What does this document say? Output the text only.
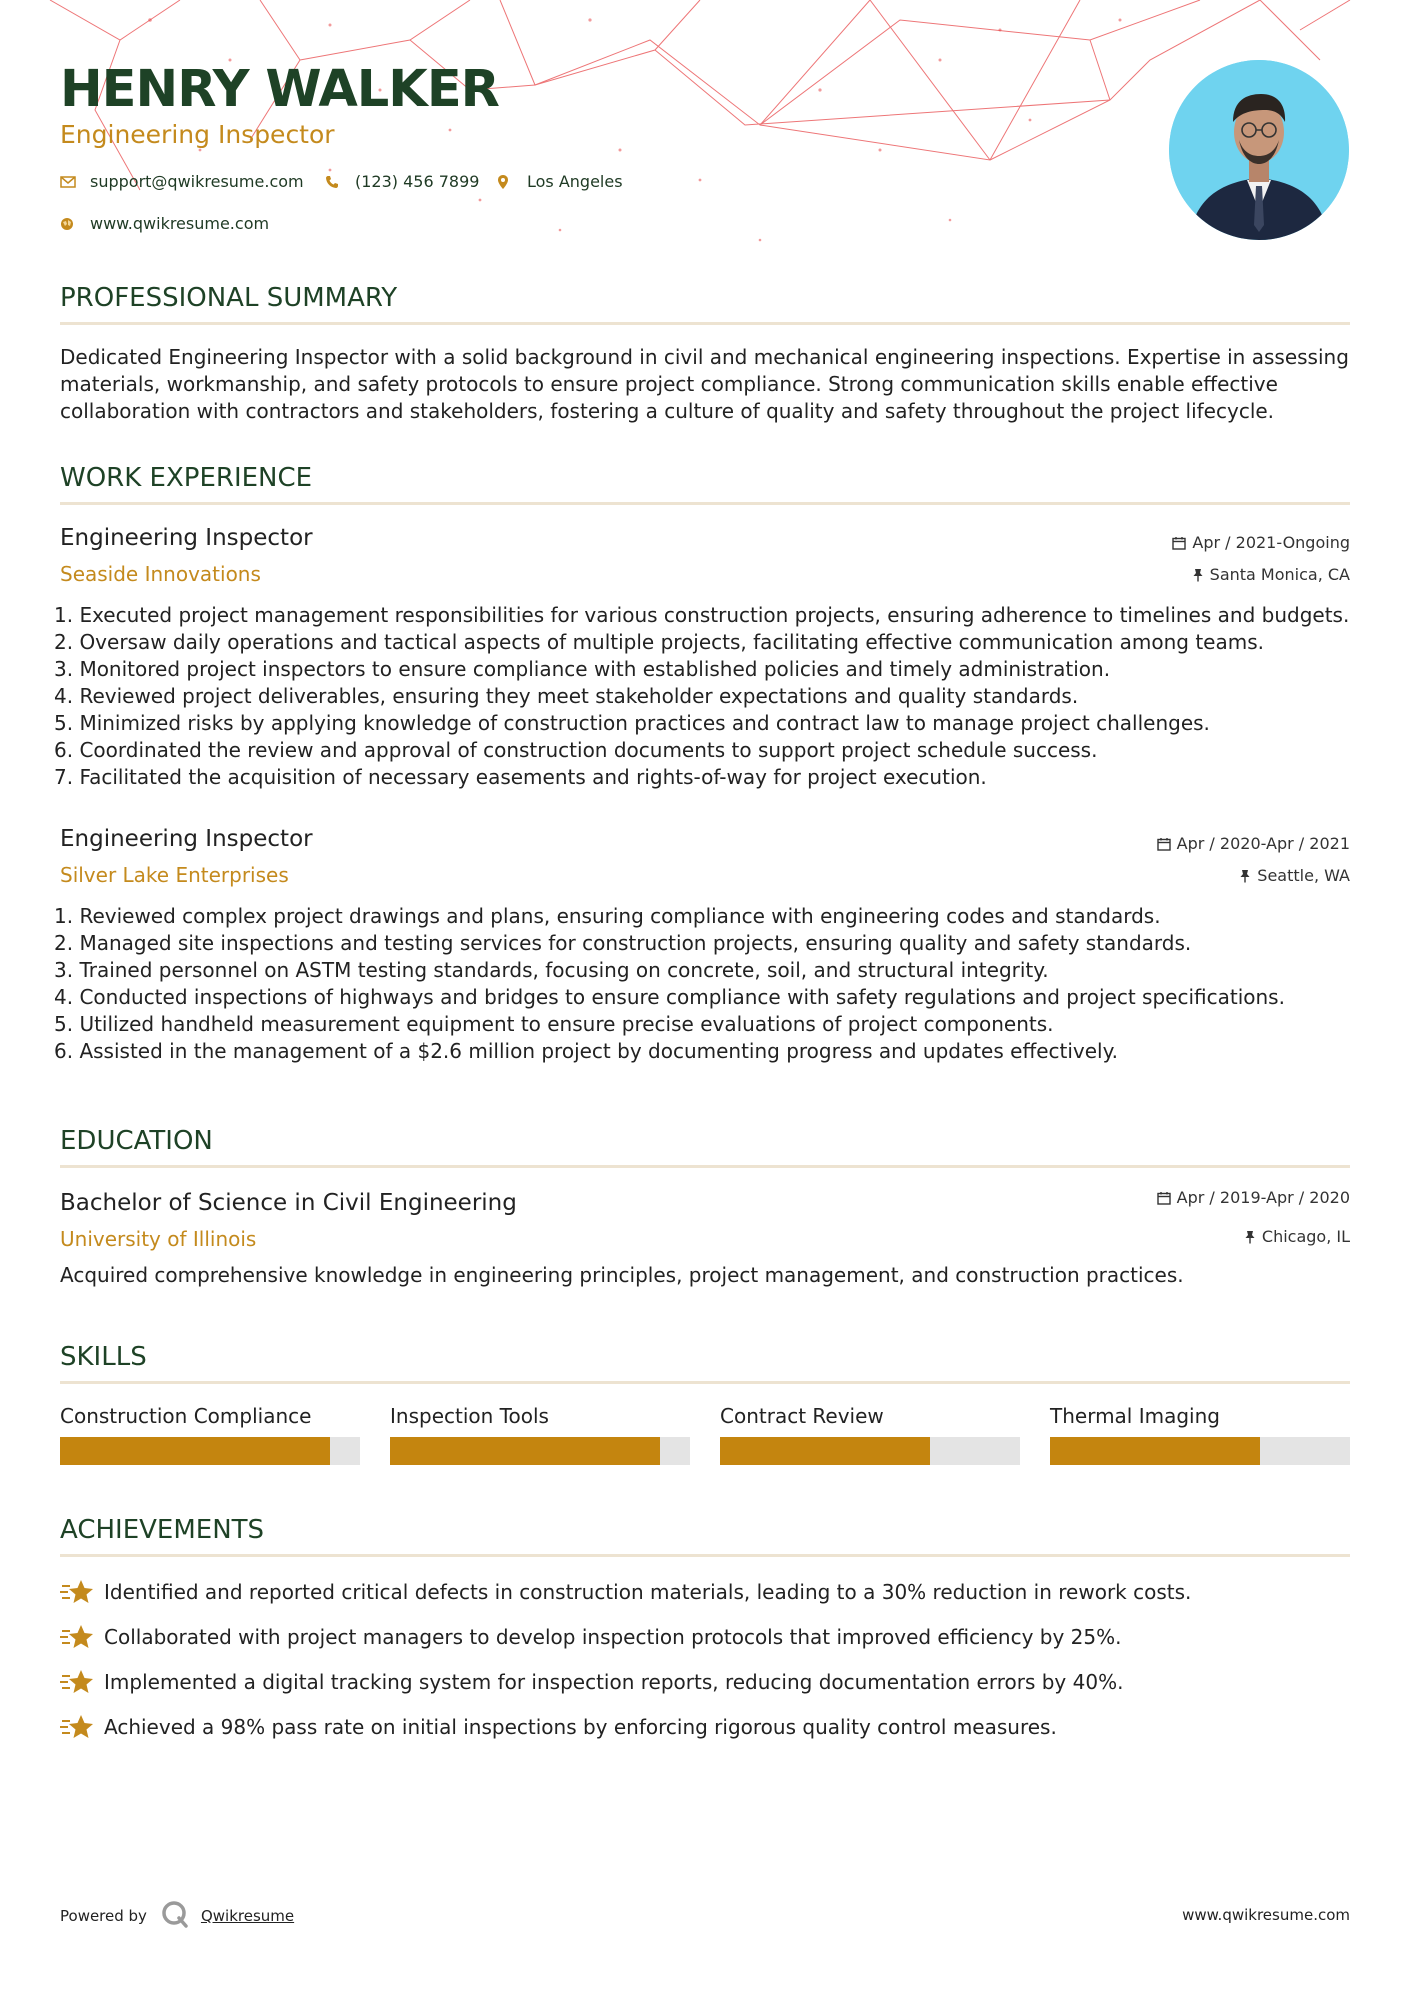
HENRY WALKER
Engineering Inspector
support@qwikresume.com	(123) 456 7899	Los Angeles
www.qwikresume.com
PROFESSIONAL SUMMARY
Dedicated Engineering Inspector with a solid background in civil and mechanical engineering inspections. Expertise in assessing materials, workmanship, and safety protocols to ensure project compliance. Strong communication skills enable effective collaboration with contractors and stakeholders, fostering a culture of quality and safety throughout the project lifecycle.
WORK EXPERIENCE
Engineering Inspector
Seaside Innovations
Apr / 2021-Ongoing
Santa Monica, CA
1. Executed project management responsibilities for various construction projects, ensuring adherence to timelines and budgets.
2. Oversaw daily operations and tactical aspects of multiple projects, facilitating effective communication among teams.
3. Monitored project inspectors to ensure compliance with established policies and timely administration.
4. Reviewed project deliverables, ensuring they meet stakeholder expectations and quality standards.
5. Minimized risks by applying knowledge of construction practices and contract law to manage project challenges.
6. Coordinated the review and approval of construction documents to support project schedule success.
7. Facilitated the acquisition of necessary easements and rights-of-way for project execution.
Engineering Inspector
Silver Lake Enterprises
Apr / 2020-Apr / 2021
Seattle, WA
1. Reviewed complex project drawings and plans, ensuring compliance with engineering codes and standards.
2. Managed site inspections and testing services for construction projects, ensuring quality and safety standards.
3. Trained personnel on ASTM testing standards, focusing on concrete, soil, and structural integrity.
4. Conducted inspections of highways and bridges to ensure compliance with safety regulations and project specifications.
5. Utilized handheld measurement equipment to ensure precise evaluations of project components.
6. Assisted in the management of a $2.6 million project by documenting progress and updates effectively.
EDUCATION
Bachelor of Science in Civil Engineering
University of Illinois
Apr / 2019-Apr / 2020
Chicago, IL
Acquired comprehensive knowledge in engineering principles, project management, and construction practices.
SKILLS
Construction Compliance	Inspection Tools	Contract Review	Thermal Imaging
ACHIEVEMENTS
Identified and reported critical defects in construction materials, leading to a 30% reduction in rework costs.
Collaborated with project managers to develop inspection protocols that improved efficiency by 25%.
Implemented a digital tracking system for inspection reports, reducing documentation errors by 40%.
Achieved a 98% pass rate on initial inspections by enforcing rigorous quality control measures.
Powered by	Qwikresume	www.qwikresume.com
